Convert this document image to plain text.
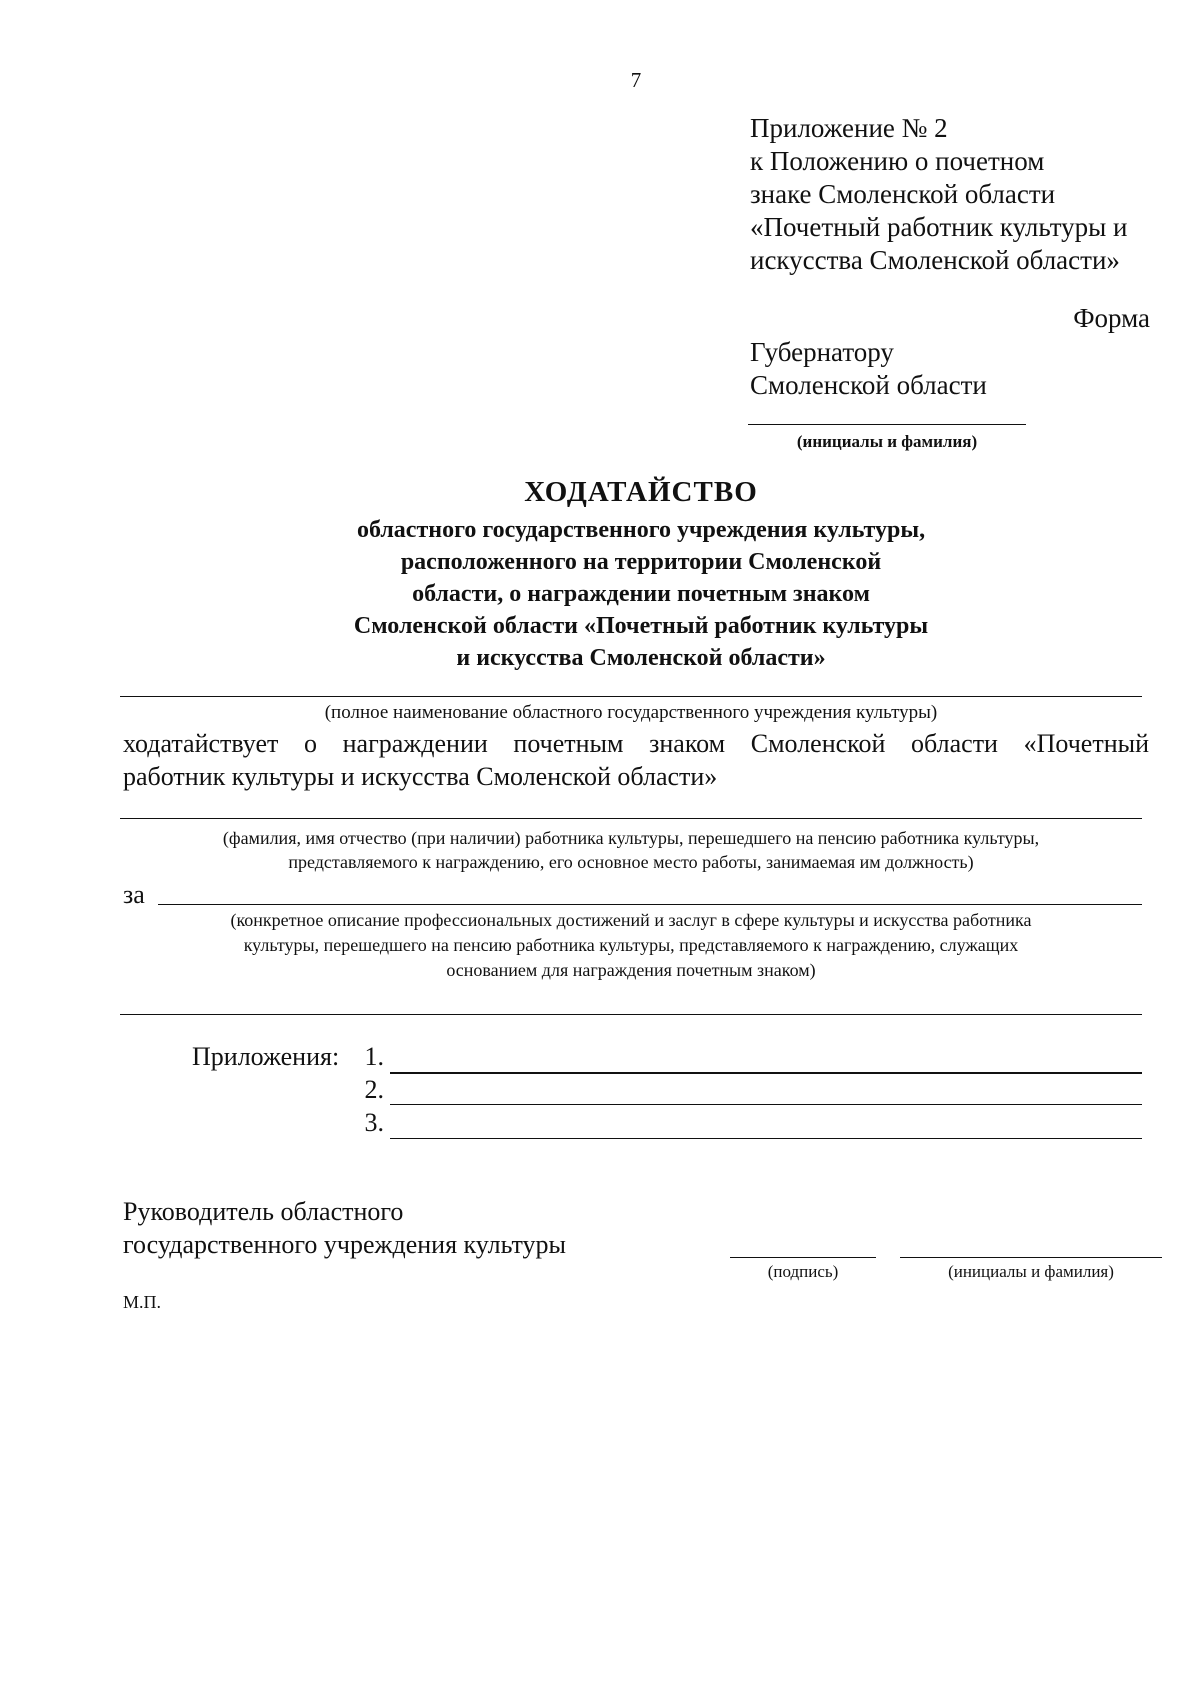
7
Приложение № 2
к Положению о почетном
знаке Смоленской области
«Почетный работник культуры и
искусства Смоленской области»
Форма
Губернатору
Смоленской области
(инициалы и фамилия)
ХОДАТАЙСТВО
областного государственного учреждения культуры,
расположенного на территории Смоленской
области, о награждении почетным знаком
Смоленской области «Почетный работник культуры
и искусства Смоленской области»
(полное наименование областного государственного учреждения культуры)
ходатайствует о награждении почетным знаком Смоленской области «Почетный
работник культуры и искусства Смоленской области»
(фамилия, имя отчество (при наличии) работника культуры, перешедшего на пенсию работника культуры,
представляемого к награждению, его основное место работы, занимаемая им должность)
за
(конкретное описание профессиональных достижений и заслуг в сфере культуры и искусства работника
культуры, перешедшего на пенсию работника культуры, представляемого к награждению, служащих
основанием для награждения почетным знаком)
Приложения: 1.
2.
3.
Руководитель областного
государственного учреждения культуры
(подпись)	(инициалы и фамилия)
М.П.
